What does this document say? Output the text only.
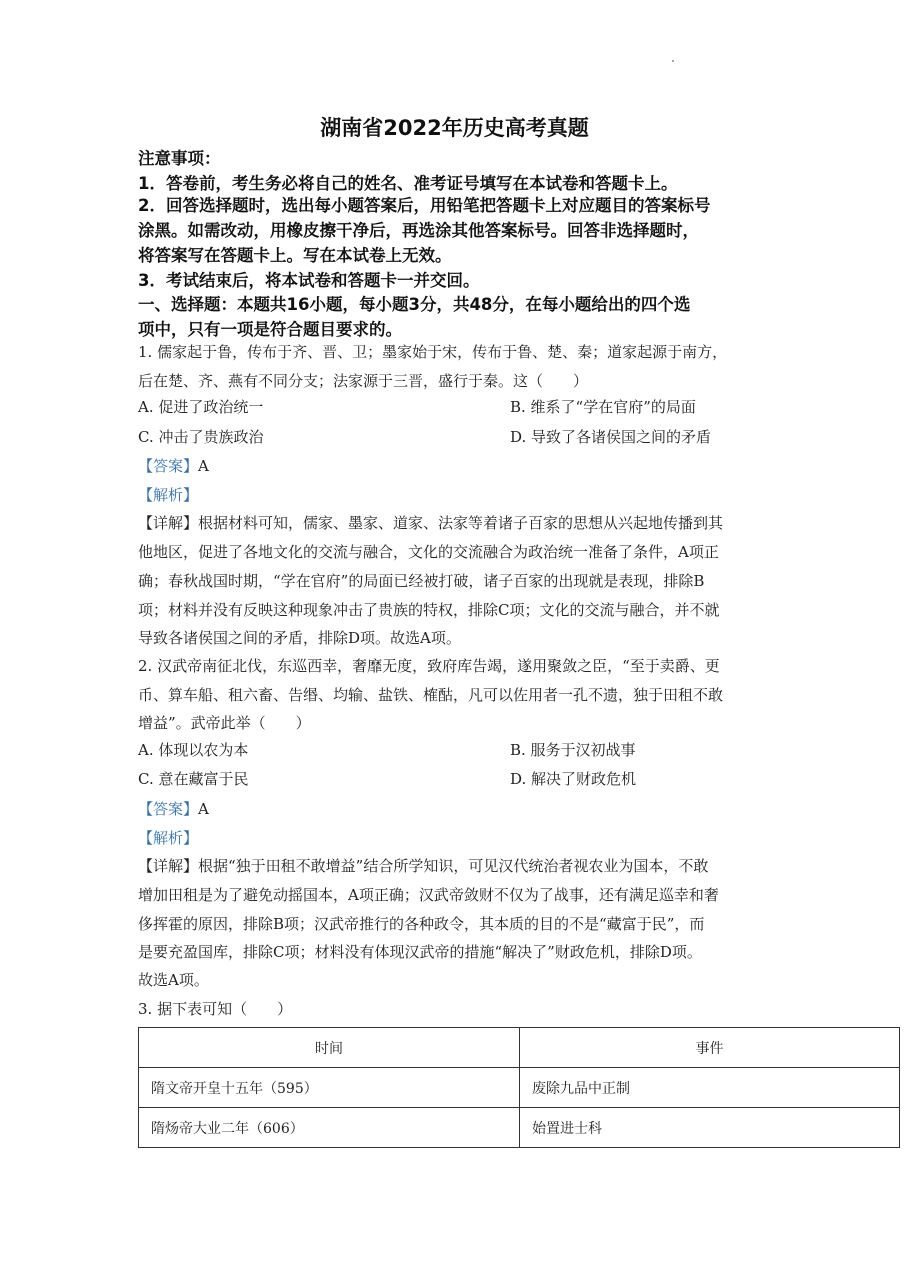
湖南省2022年历史高考真题
注意事项：
1．答卷前，考生务必将自己的姓名、准考证号填写在本试卷和答题卡上。
2．回答选择题时，选出每小题答案后，用铅笔把答题卡上对应题目的答案标号
涂黑。如需改动，用橡皮擦干净后，再选涂其他答案标号。回答非选择题时，
将答案写在答题卡上。写在本试卷上无效。
3．考试结束后，将本试卷和答题卡一并交回。
一、选择题：本题共16小题，每小题3分，共48分，在每小题给出的四个选
项中，只有一项是符合题目要求的。
1. 儒家起于鲁，传布于齐、晋、卫；墨家始于宋，传布于鲁、楚、秦；道家起源于南方，
后在楚、齐、燕有不同分支；法家源于三晋，盛行于秦。这（　　）
A. 促进了政治统一	B. 维系了“学在官府”的局面
C. 冲击了贵族政治	D. 导致了各诸侯国之间的矛盾
【答案】A
【解析】
【详解】根据材料可知，儒家、墨家、道家、法家等着诸子百家的思想从兴起地传播到其
他地区，促进了各地文化的交流与融合，文化的交流融合为政治统一准备了条件，A项正
确；春秋战国时期，“学在官府”的局面已经被打破，诸子百家的出现就是表现，排除B
项；材料并没有反映这种现象冲击了贵族的特权，排除C项；文化的交流与融合，并不就
导致各诸侯国之间的矛盾，排除D项。故选A项。
2. 汉武帝南征北伐，东巡西幸，奢靡无度，致府库告竭，遂用聚敛之臣，“至于卖爵、更
币、算车船、租六畜、告缗、均输、盐铁、榷酤，凡可以佐用者一孔不遗，独于田租不敢
增益”。武帝此举（　　）
A. 体现以农为本	B. 服务于汉初战事
C. 意在藏富于民	D. 解决了财政危机
【答案】A
【解析】
【详解】根据“独于田租不敢增益”结合所学知识，可见汉代统治者视农业为国本，不敢
增加田租是为了避免动摇国本，A项正确；汉武帝敛财不仅为了战事，还有满足巡幸和奢
侈挥霍的原因，排除B项；汉武帝推行的各种政令，其本质的目的不是“藏富于民”，而
是要充盈国库，排除C项；材料没有体现汉武帝的措施“解决了”财政危机，排除D项。
故选A项。
3. 据下表可知（　　）
时间	事件
隋文帝开皇十五年（595）	废除九品中正制
隋炀帝大业二年（606）	始置进士科
